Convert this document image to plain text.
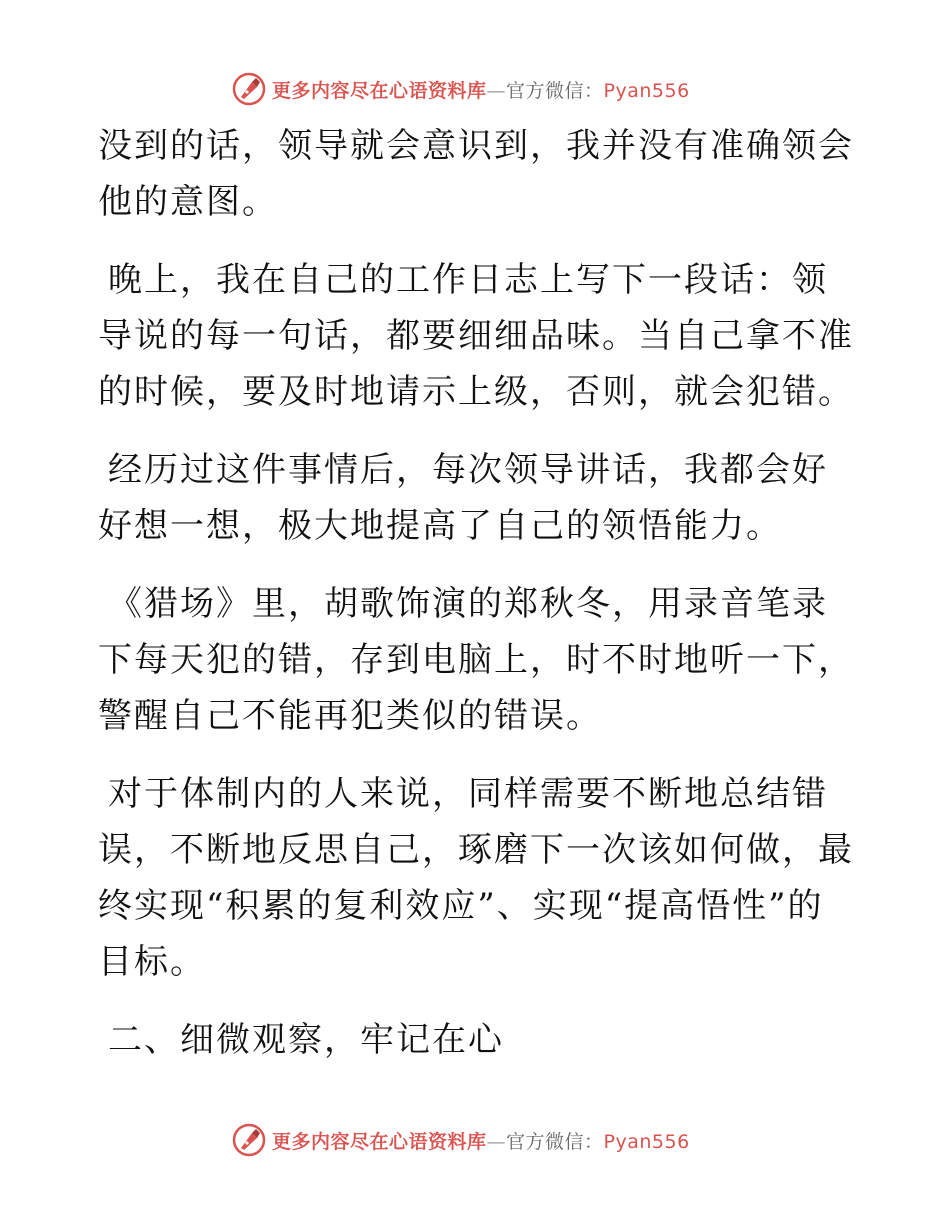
更多内容尽在心语资料库—官方微信：Pyan556

没到的话，领导就会意识到，我并没有准确领会他的意图。

晚上，我在自己的工作日志上写下一段话：领导说的每一句话，都要细细品味。当自己拿不准的时候，要及时地请示上级，否则，就会犯错。

经历过这件事情后，每次领导讲话，我都会好好想一想，极大地提高了自己的领悟能力。

《猎场》里，胡歌饰演的郑秋冬，用录音笔录下每天犯的错，存到电脑上，时不时地听一下，警醒自己不能再犯类似的错误。

对于体制内的人来说，同样需要不断地总结错误，不断地反思自己，琢磨下一次该如何做，最终实现“积累的复利效应”、实现“提高悟性”的目标。

二、细微观察，牢记在心

更多内容尽在心语资料库—官方微信：Pyan556
